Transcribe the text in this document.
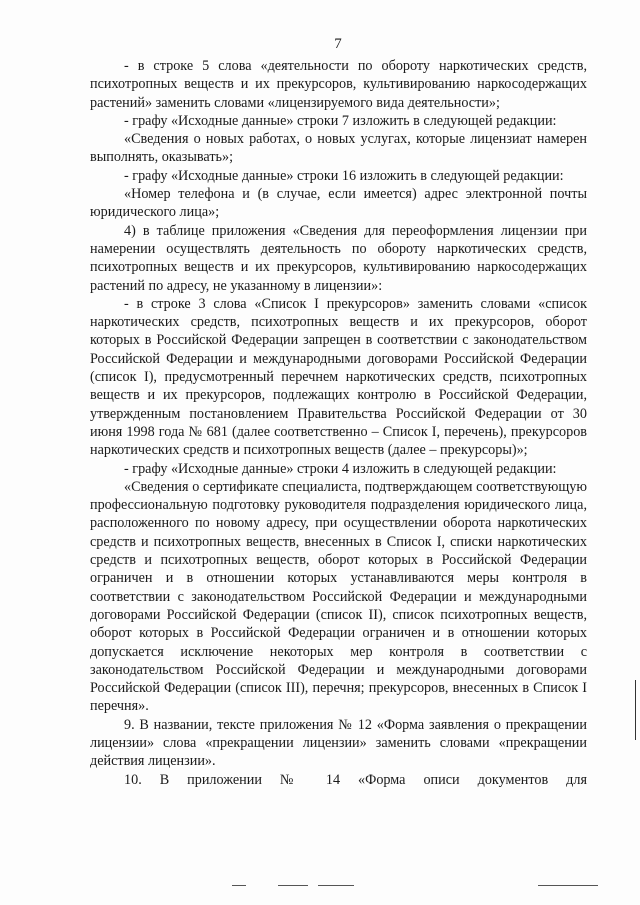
7

- в строке 5 слова «деятельности по обороту наркотических средств, психотропных веществ и их прекурсоров, культивированию наркосодержащих растений» заменить словами «лицензируемого вида деятельности»;

- графу «Исходные данные» строки 7 изложить в следующей редакции:

«Сведения о новых работах, о новых услугах, которые лицензиат намерен выполнять, оказывать»;

- графу «Исходные данные» строки 16 изложить в следующей редакции:

«Номер телефона и (в случае, если имеется) адрес электронной почты юридического лица»;

4) в таблице приложения «Сведения для переоформления лицензии при намерении осуществлять деятельность по обороту наркотических средств, психотропных веществ и их прекурсоров, культивированию наркосодержащих растений по адресу, не указанному в лицензии»:

- в строке 3 слова «Список I прекурсоров» заменить словами «список наркотических средств, психотропных веществ и их прекурсоров, оборот которых в Российской Федерации запрещен в соответствии с законодательством Российской Федерации и международными договорами Российской Федерации (список I), предусмотренный перечнем наркотических средств, психотропных веществ и их прекурсоров, подлежащих контролю в Российской Федерации, утвержденным постановлением Правительства Российской Федерации от 30 июня 1998 года № 681 (далее соответственно – Список I, перечень), прекурсоров наркотических средств и психотропных веществ (далее – прекурсоры)»;

- графу «Исходные данные» строки 4 изложить в следующей редакции:

«Сведения о сертификате специалиста, подтверждающем соответствующую профессиональную подготовку руководителя подразделения юридического лица, расположенного по новому адресу, при осуществлении оборота наркотических средств и психотропных веществ, внесенных в Список I, списки наркотических средств и психотропных веществ, оборот которых в Российской Федерации ограничен и в отношении которых устанавливаются меры контроля в соответствии с законодательством Российской Федерации и международными договорами Российской Федерации (список II), список психотропных веществ, оборот которых в Российской Федерации ограничен и в отношении которых допускается исключение некоторых мер контроля в соответствии с законодательством Российской Федерации и международными договорами Российской Федерации (список III), перечня; прекурсоров, внесенных в Список I перечня».

9. В названии, тексте приложения № 12 «Форма заявления о прекращении лицензии» слова «прекращении лицензии» заменить словами «прекращении действия лицензии».

10. В приложении № 14 «Форма описи документов для
